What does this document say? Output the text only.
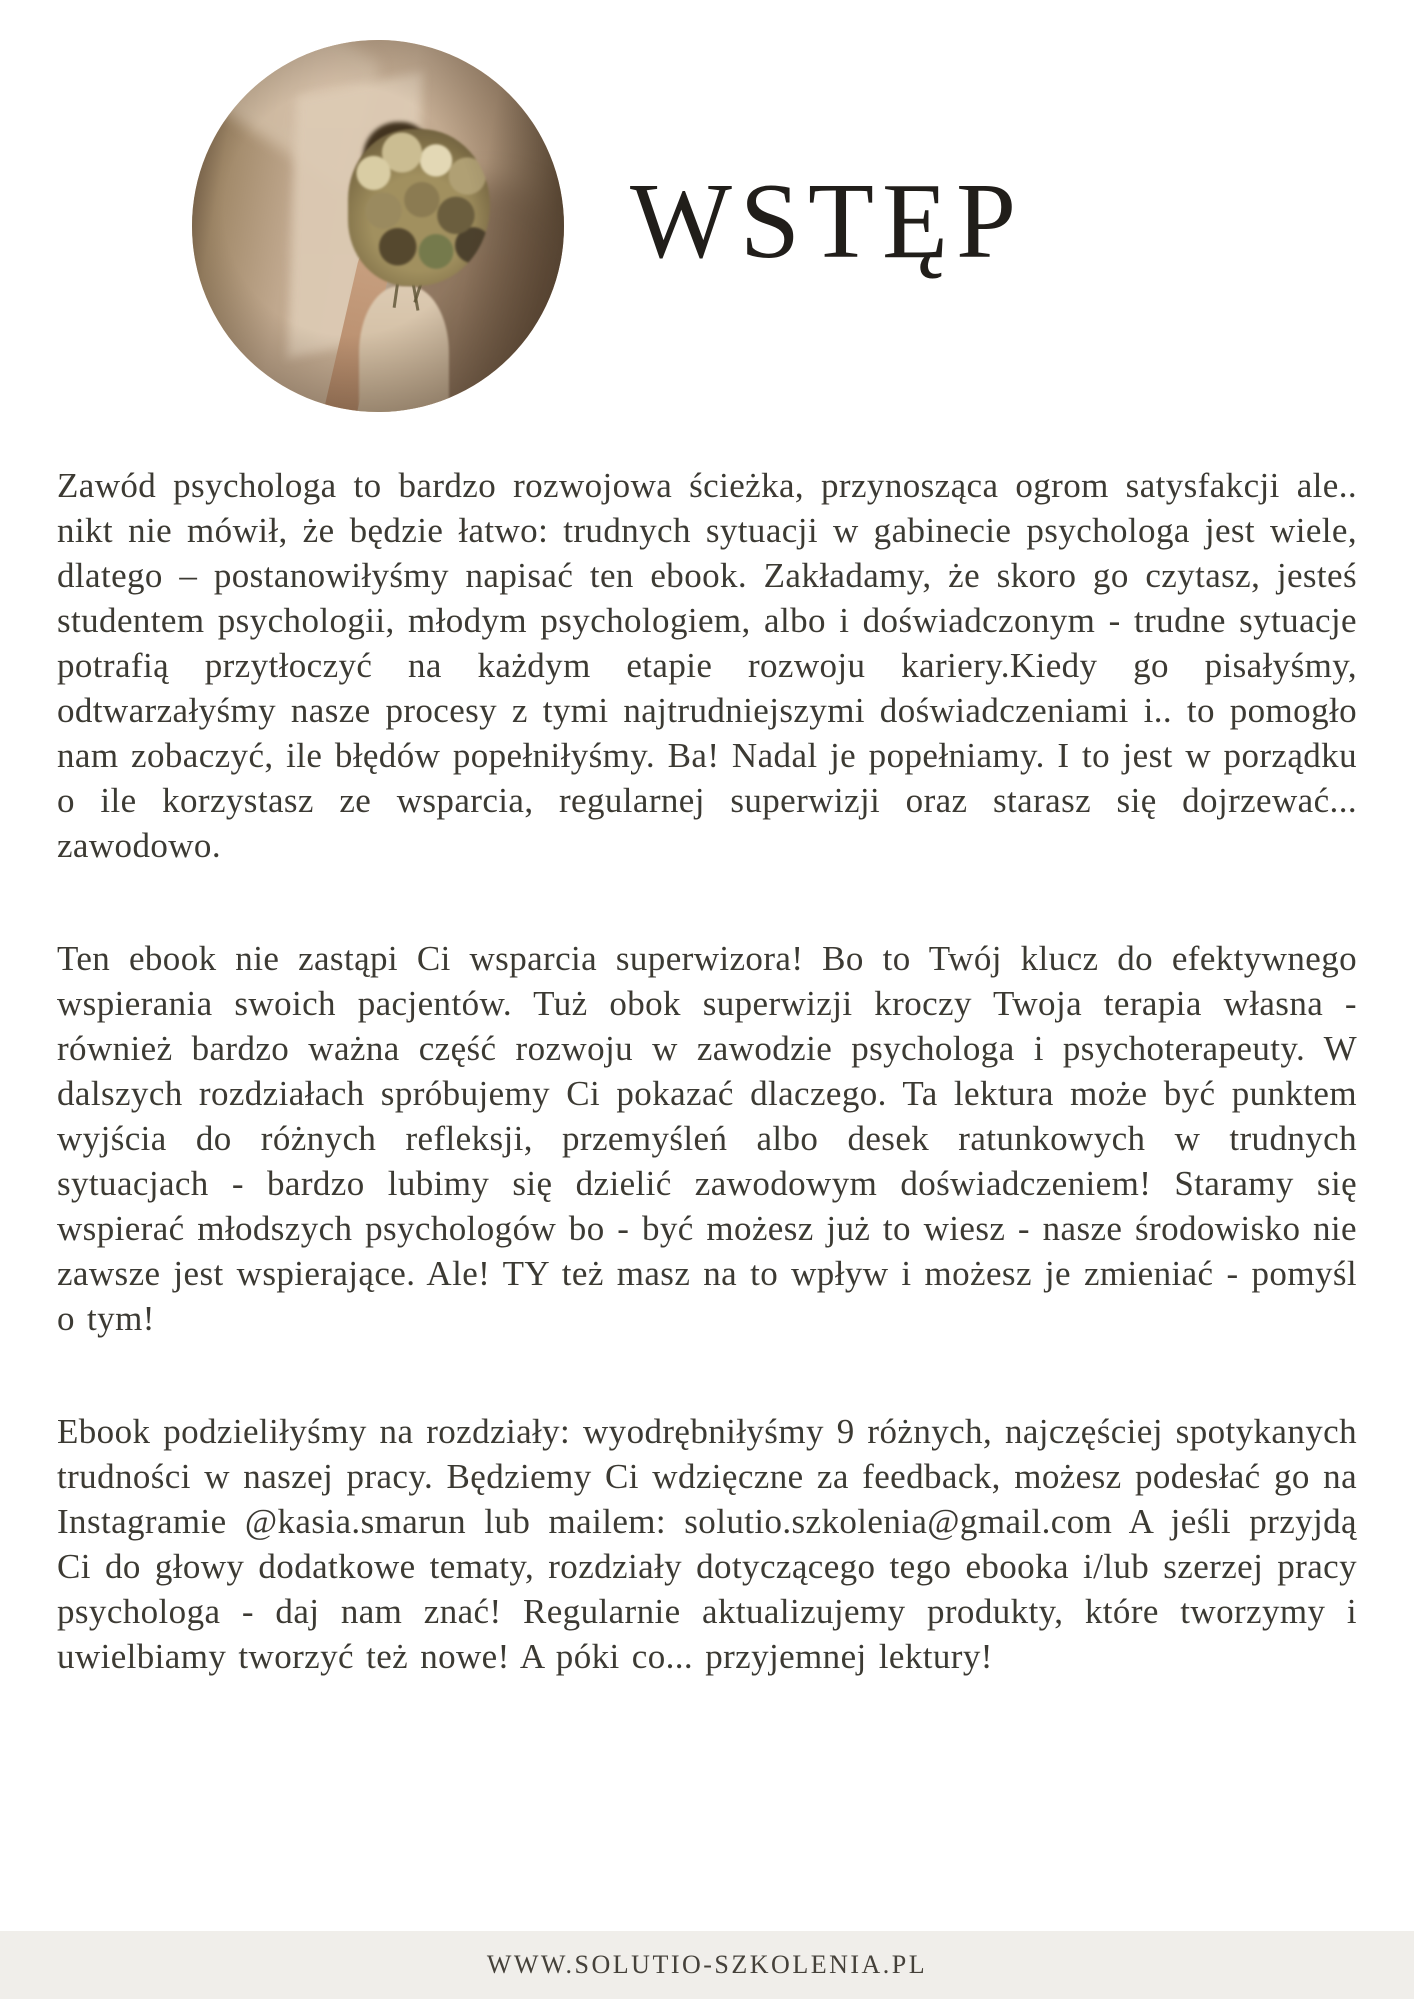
WSTĘP

Zawód psychologa to bardzo rozwojowa ścieżka, przynosząca ogrom satysfakcji ale.. nikt nie mówił, że będzie łatwo: trudnych sytuacji w gabinecie psychologa jest wiele, dlatego – postanowiłyśmy napisać ten ebook. Zakładamy, że skoro go czytasz, jesteś studentem psychologii, młodym psychologiem, albo i doświadczonym - trudne sytuacje potrafią przytłoczyć na każdym etapie rozwoju kariery.Kiedy go pisałyśmy, odtwarzałyśmy nasze procesy z tymi najtrudniejszymi doświadczeniami i.. to pomogło nam zobaczyć, ile błędów popełniłyśmy. Ba! Nadal je popełniamy. I to jest w porządku o ile korzystasz ze wsparcia, regularnej superwizji oraz starasz się dojrzewać... zawodowo.

Ten ebook nie zastąpi Ci wsparcia superwizora! Bo to Twój klucz do efektywnego wspierania swoich pacjentów. Tuż obok superwizji kroczy Twoja terapia własna - również bardzo ważna część rozwoju w zawodzie psychologa i psychoterapeuty. W dalszych rozdziałach spróbujemy Ci pokazać dlaczego. Ta lektura może być punktem wyjścia do różnych refleksji, przemyśleń albo desek ratunkowych w trudnych sytuacjach - bardzo lubimy się dzielić zawodowym doświadczeniem! Staramy się wspierać młodszych psychologów bo - być możesz już to wiesz - nasze środowisko nie zawsze jest wspierające. Ale! TY też masz na to wpływ i możesz je zmieniać - pomyśl o tym!

Ebook podzieliłyśmy na rozdziały: wyodrębniłyśmy 9 różnych, najczęściej spotykanych trudności w naszej pracy. Będziemy Ci wdzięczne za feedback, możesz podesłać go na Instagramie @kasia.smarun lub mailem: solutio.szkolenia@gmail.com A jeśli przyjdą Ci do głowy dodatkowe tematy, rozdziały dotyczącego tego ebooka i/lub szerzej pracy psychologa - daj nam znać! Regularnie aktualizujemy produkty, które tworzymy i uwielbiamy tworzyć też nowe! A póki co... przyjemnej lektury!

WWW.SOLUTIO-SZKOLENIA.PL
